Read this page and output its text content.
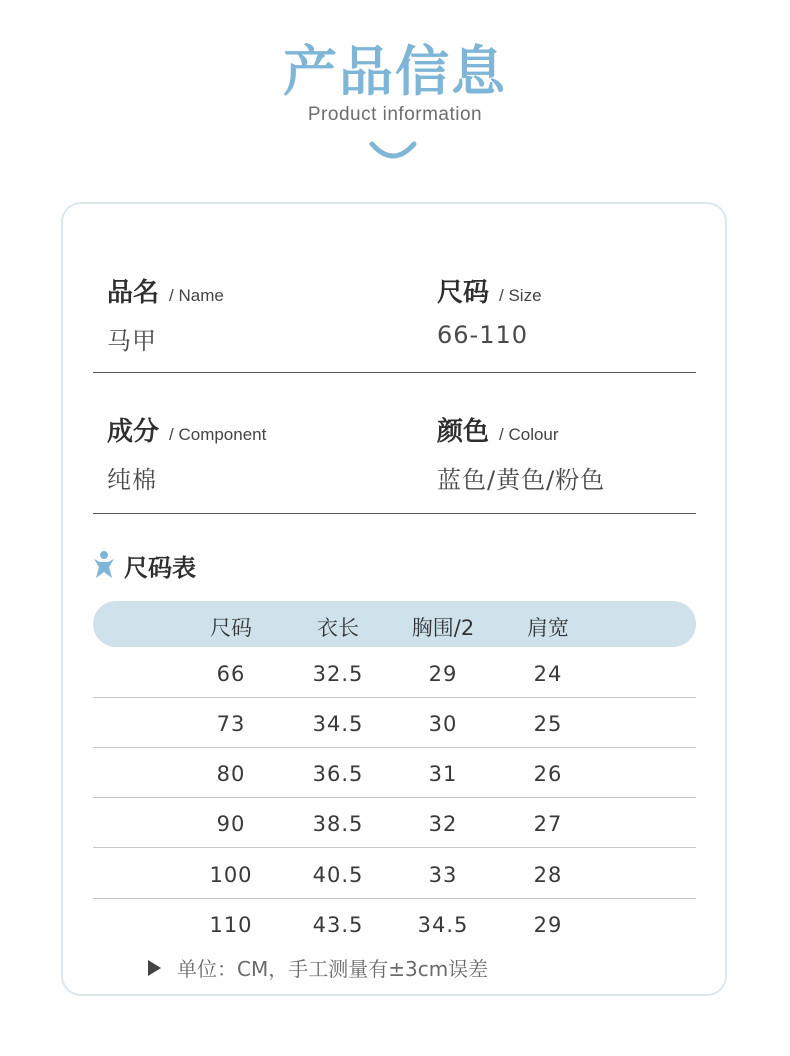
产品信息
Product information
品名 / Name
马甲
尺码 / Size
66-110
成分 / Component
纯棉
颜色 / Colour
蓝色/黄色/粉色
尺码表
尺码	衣长	胸围/2	肩宽
66	32.5	29	24
73	34.5	30	25
80	36.5	31	26
90	38.5	32	27
100	40.5	33	28
110	43.5	34.5	29
单位：CM，手工测量有±3cm误差
